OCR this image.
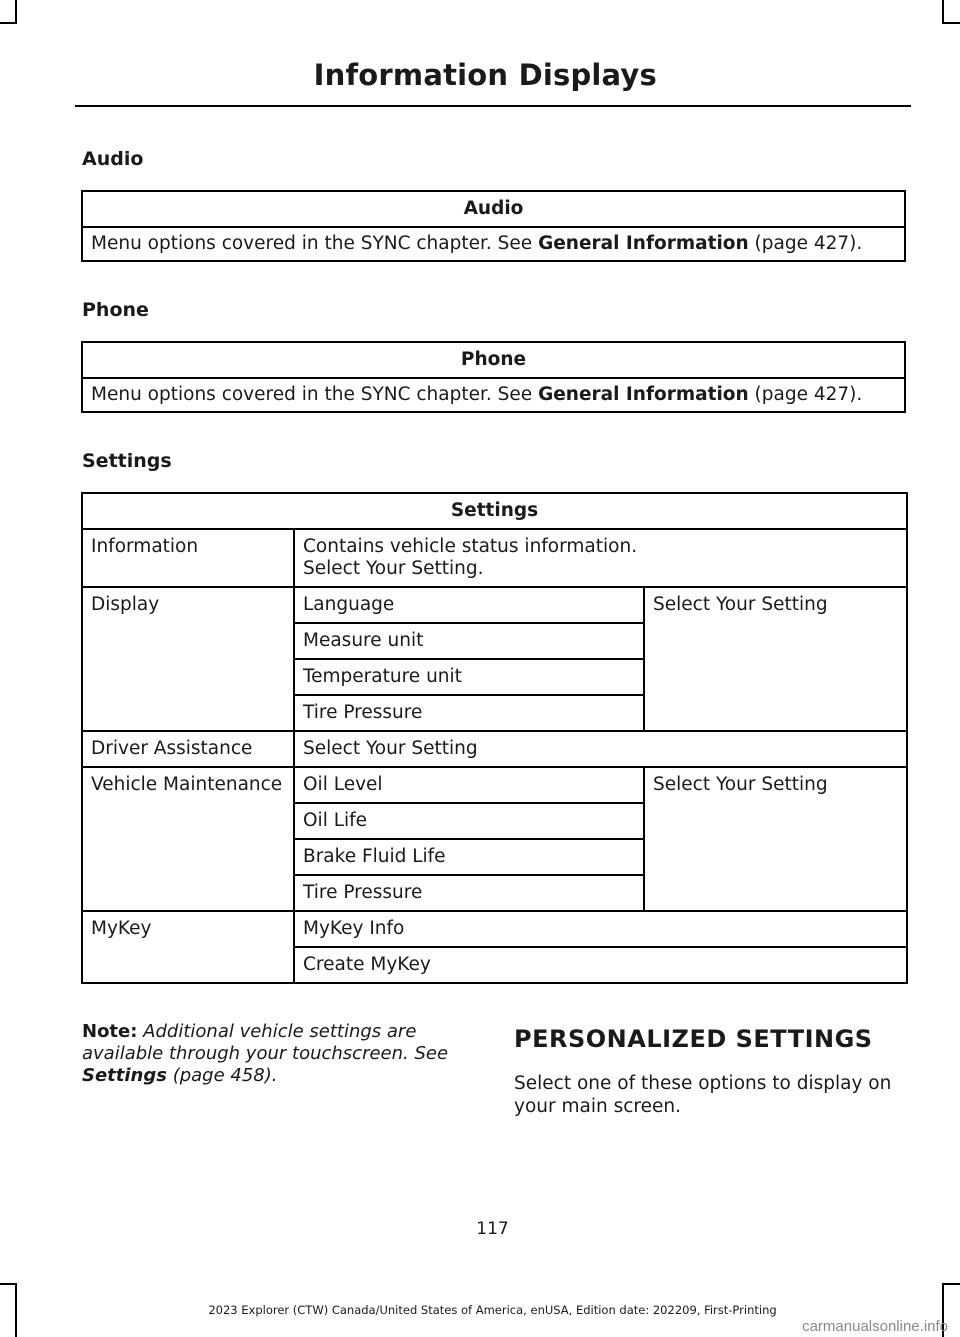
Information Displays
Audio
Audio
Menu options covered in the SYNC chapter. See General Information (page 427).
Phone
Phone
Menu options covered in the SYNC chapter. See General Information (page 427).
Settings
Settings		
Information	Contains vehicle status information.
Select Your Setting.	

Display	Language	Select Your Setting
	Measure unit	
	Temperature unit	
	Tire Pressure	
Driver Assistance	Select Your Setting	
Vehicle Maintenance	Oil Level	Select Your Setting
	Oil Life	
	Brake Fluid Life	
	Tire Pressure	
MyKey	MyKey Info	
	Create MyKey	
Note: Additional vehicle settings are available through your touchscreen. See Settings (page 458).
PERSONALIZED SETTINGS
Select one of these options to display on your main screen.
117
2023 Explorer (CTW) Canada/United States of America, enUSA, Edition date: 202209, First-Printing
carmanualsonline.info
